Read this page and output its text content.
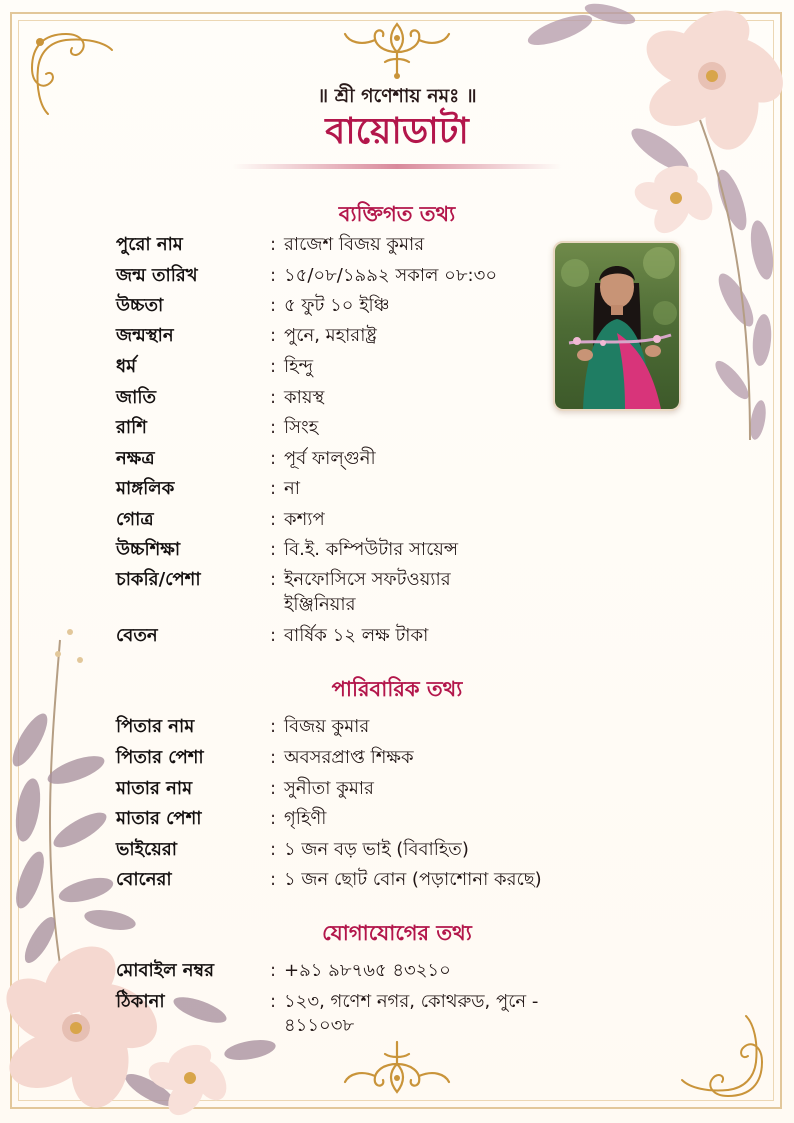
॥ শ্রী গণেশায় নমঃ ॥
বায়োডাটা
ব্যক্তিগত তথ্য
পুরো নাম	: রাজেশ বিজয় কুমার
জন্ম তারিখ	: ১৫/০৮/১৯৯২ সকাল ০৮:৩০
উচ্চতা	: ৫ ফুট ১০ ইঞ্চি
জন্মস্থান	: পুনে, মহারাষ্ট্র
ধর্ম	: হিন্দু
জাতি	: কায়স্থ
রাশি	: সিংহ
নক্ষত্র	: পূর্ব ফাল্গুনী
মাঙ্গলিক	: না
গোত্র	: কশ্যপ
উচ্চশিক্ষা	: বি.ই. কম্পিউটার সায়েন্স
চাকরি/পেশা	: ইনফোসিসে সফটওয়্যার
ইঞ্জিনিয়ার
বেতন	: বার্ষিক ১২ লক্ষ টাকা
পারিবারিক তথ্য
পিতার নাম	: বিজয় কুমার
পিতার পেশা	: অবসরপ্রাপ্ত শিক্ষক
মাতার নাম	: সুনীতা কুমার
মাতার পেশা	: গৃহিণী
ভাইয়েরা	: ১ জন বড় ভাই (বিবাহিত)
বোনেরা	: ১ জন ছোট বোন (পড়াশোনা করছে)
যোগাযোগের তথ্য
মোবাইল নম্বর	: +৯১ ৯৮৭৬৫ ৪৩২১০
ঠিকানা	: ১২৩, গণেশ নগর, কোথরুড, পুনে - ৪১১০৩৮
